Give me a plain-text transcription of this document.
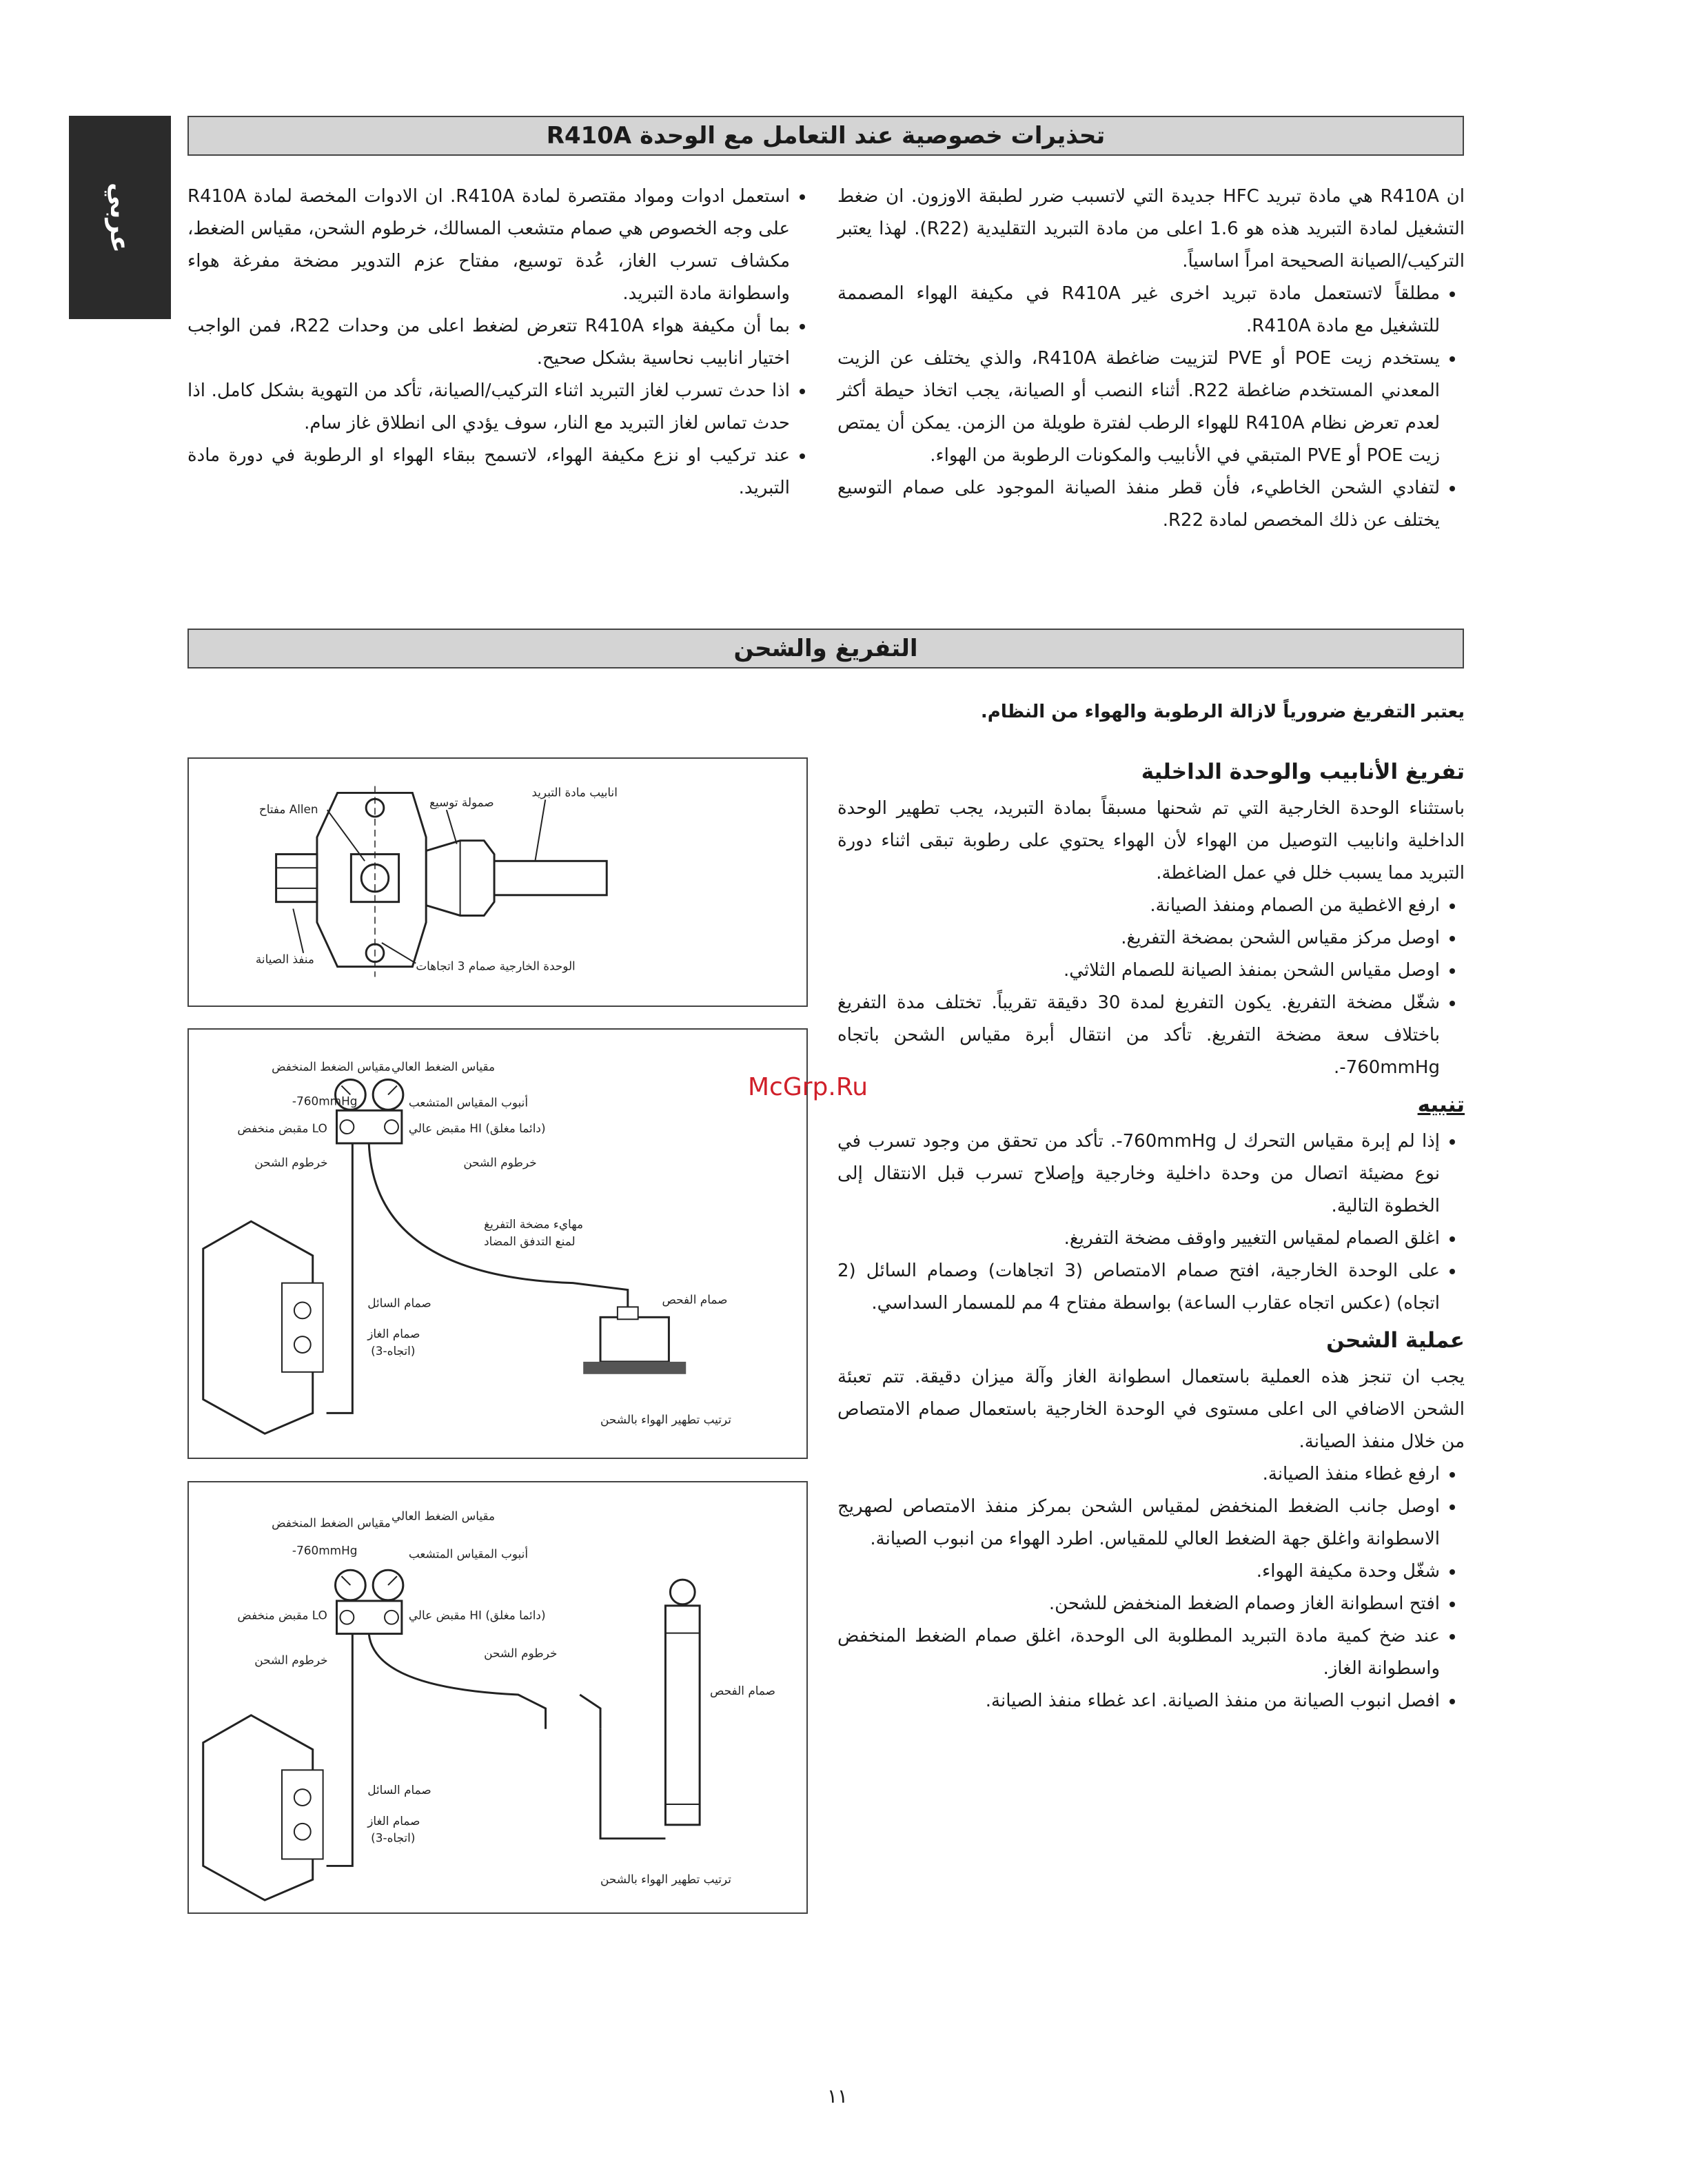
عربي
تحذيرات خصوصية عند التعامل مع الوحدة R410A

ان R410A هي مادة تبريد HFC جديدة التي لاتسبب ضرر لطبقة الاوزون. ان ضغط التشغيل لمادة التبريد هذه هو 1.6 اعلى من مادة التبريد التقليدية (R22). لهذا يعتبر التركيب/الصيانة الصحيحة امراً اساسياً.

• مطلقاً لاتستعمل مادة تبريد اخرى غير R410A في مكيفة الهواء المصممة للتشغيل مع مادة R410A.
• يستخدم زيت POE أو PVE لتزييت ضاغطة R410A، والذي يختلف عن الزيت المعدني المستخدم ضاغطة R22. أثناء النصب أو الصيانة، يجب اتخاذ حيطة أكثر لعدم تعرض نظام R410A للهواء الرطب لفترة طويلة من الزمن. يمكن أن يمتص زيت POE أو PVE المتبقي في الأنابيب والمكونات الرطوبة من الهواء.
• لتفادي الشحن الخاطيء، فأن قطر منفذ الصيانة الموجود على صمام التوسيع يختلف عن ذلك المخصص لمادة R22.
• استعمل ادوات ومواد مقتصرة لمادة R410A. ان الادوات المخصة لمادة R410A على وجه الخصوص هي صمام متشعب المسالك، خرطوم الشحن، مقياس الضغط، مكشاف تسرب الغاز، عُدة توسيع، مفتاح عزم التدوير مضخة مفرغة هواء واسطوانة مادة التبريد.
• بما أن مكيفة هواء R410A تتعرض لضغط اعلى من وحدات R22، فمن الواجب اختيار انابيب نحاسية بشكل صحيح.
• اذا حدث تسرب لغاز التبريد اثناء التركيب/الصيانة، تأكد من التهوية بشكل كامل. اذا حدث تماس لغاز التبريد مع النار، سوف يؤدي الى انطلاق غاز سام.
• عند تركيب او نزع مكيفة الهواء، لاتسمح ببقاء الهواء او الرطوبة في دورة مادة التبريد.
التفريغ والشحن

يعتبر التفريغ ضرورياً لازالة الرطوبة والهواء من النظام.

تفريغ الأنابيب والوحدة الداخلية

باستثناء الوحدة الخارجية التي تم شحنها مسبقاً بمادة التبريد، يجب تطهير الوحدة الداخلية وانابيب التوصيل من الهواء لأن الهواء يحتوي على رطوبة تبقى اثناء دورة التبريد مما يسبب خلل في عمل الضاغطة.

• ارفع الاغطية من الصمام ومنفذ الصيانة.
• اوصل مركز مقياس الشحن بمضخة التفريغ.
• اوصل مقياس الشحن بمنفذ الصيانة للصمام الثلاثي.
• شغّل مضخة التفريغ. يكون التفريغ لمدة 30 دقيقة تقريباً. تختلف مدة التفريغ باختلاف سعة مضخة التفريغ. تأكد من انتقال أبرة مقياس الشحن باتجاه 760mmHg-.
تنبيه
• إذا لم إبرة مقياس التحرك ل 760mmHg-. تأكد من تحقق من وجود تسرب في نوع مضيئة اتصال من وحدة داخلية وخارجية وإصلاح تسرب قبل الانتقال إلى الخطوة التالية.
• اغلق الصمام لمقياس التغيير واوقف مضخة التفريغ.
• على الوحدة الخارجية، افتح صمام الامتصاص (3 اتجاهات) وصمام السائل (2 اتجاه) (عكس اتجاه عقارب الساعة) بواسطة مفتاح 4 مم للمسمار السداسي.
عملية الشحن

يجب ان تنجز هذه العملية باستعمال اسطوانة الغاز وآلة ميزان دقيقة. تتم تعبئة الشحن الاضافي الى اعلى مستوى في الوحدة الخارجية باستعمال صمام الامتصاص من خلال منفذ الصيانة.

• ارفع غطاء منفذ الصيانة.
• اوصل جانب الضغط المنخفض لمقياس الشحن بمركز منفذ الامتصاص لصهريج الاسطوانة واغلق جهة الضغط العالي للمقياس. اطرد الهواء من انبوب الصيانة.
• شغّل وحدة مكيفة الهواء.
• افتح اسطوانة الغاز وصمام الضغط المنخفض للشحن.
• عند ضخ كمية مادة التبريد المطلوبة الى الوحدة، اغلق صمام الضغط المنخفض واسطوانة الغاز.
• افصل انبوب الصيانة من منفذ الصيانة. اعد غطاء منفذ الصيانة.
مفتاح Allen	صمولة توسيع
انابيب مادة التبريد
منفذ الصيانة	الوحدة الخارجية صمام 3 اتجاهات
مقياس الضغط المنخفض مقياس الضغط العالي
-760mmHg	أنبوب المقياس المتشعب
مقبض منخفض LO	مقبض عالي HI (دائما مغلق)
خرطوم الشحن	خرطوم الشحن
مهايء مضخة التفريغ
لمنع التدفق المضاد
صمام الفحص
صمام السائل
صمام الغاز
(3-اتجاه)
ترتيب تطهير الهواء بالشحن
مقياس الضغط المنخفض مقياس الضغط العالي
-760mmHg	أنبوب المقياس المتشعب
مقبض منخفض LO	مقبض عالي HI (دائما مغلق)
خرطوم الشحن	خرطوم الشحن
صمام الفحص
صمام السائل
صمام الغاز
(3-اتجاه)
ترتيب تطهير الهواء بالشحن
McGrp.Ru
١١
